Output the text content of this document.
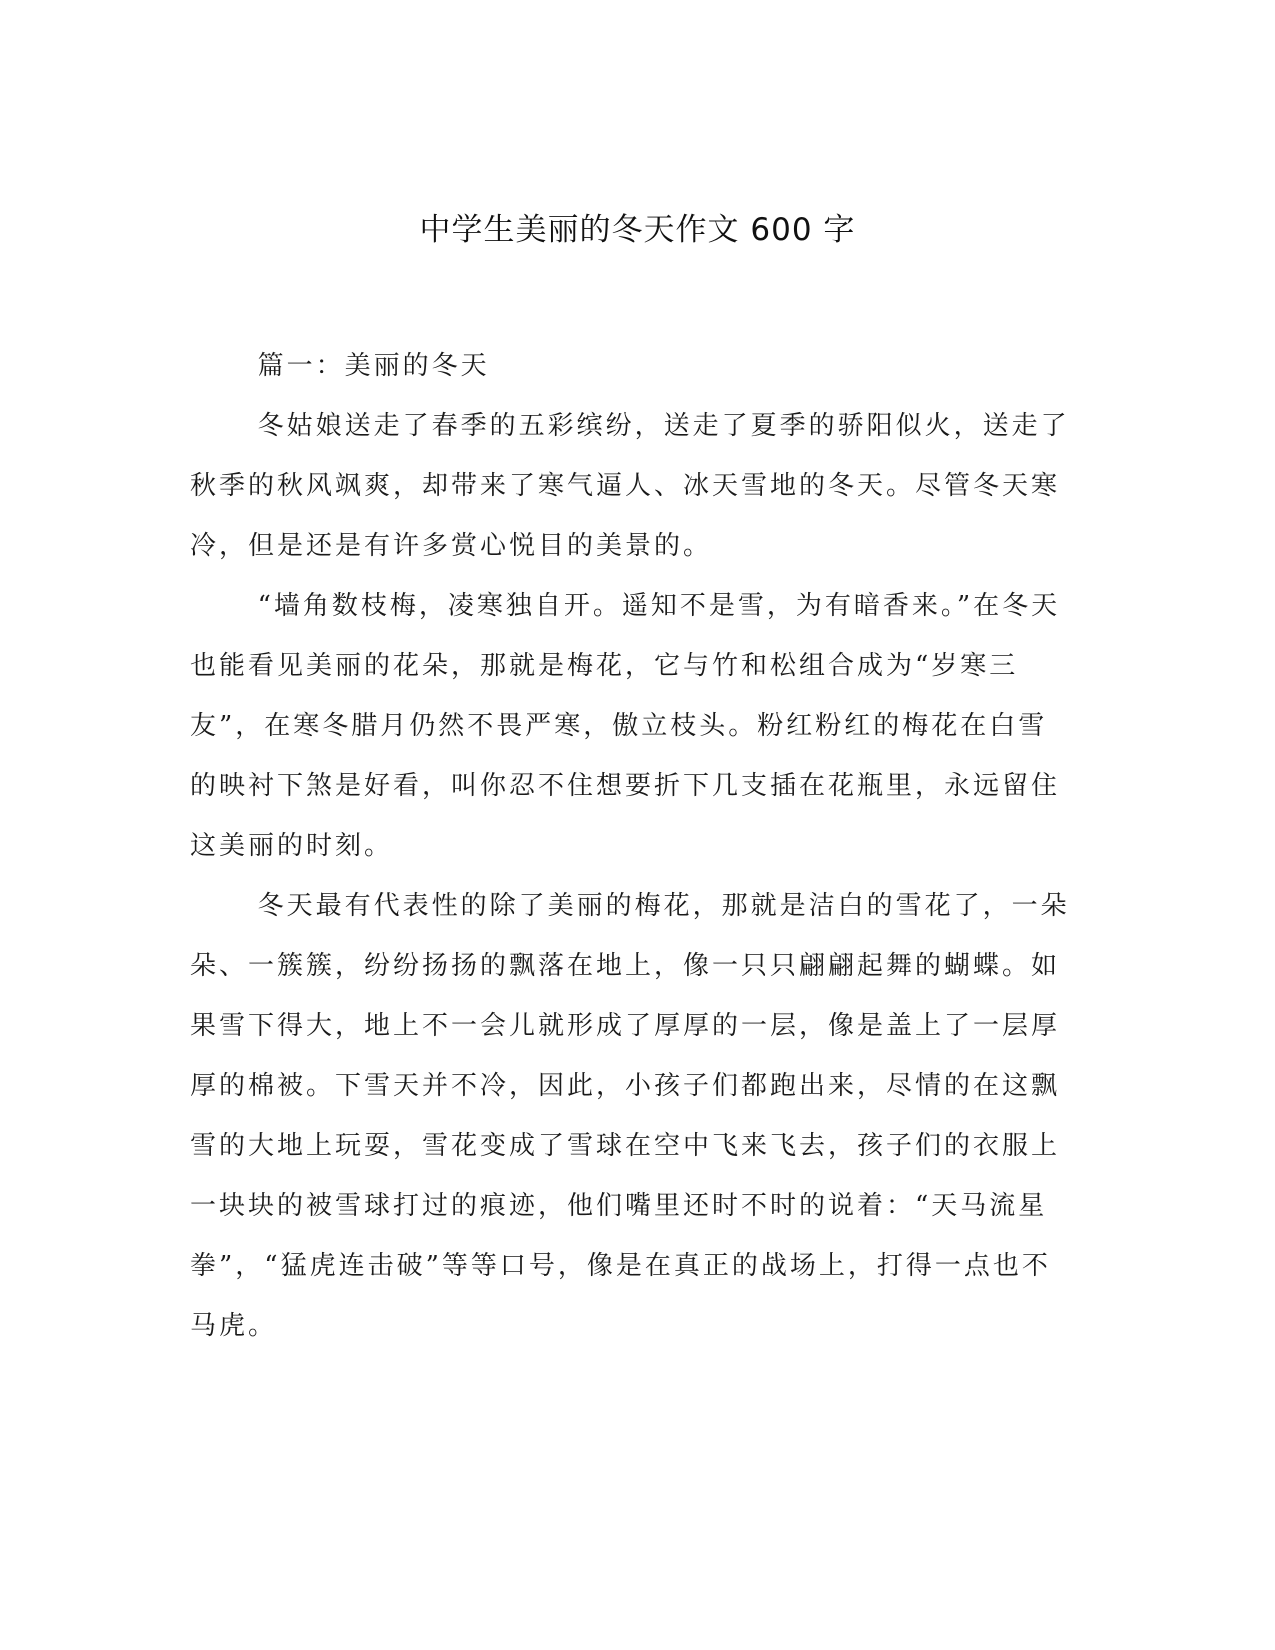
中学生美丽的冬天作文 600 字

篇一：美丽的冬天

冬姑娘送走了春季的五彩缤纷，送走了夏季的骄阳似火，送走了秋季的秋风飒爽，却带来了寒气逼人、冰天雪地的冬天。尽管冬天寒冷，但是还是有许多赏心悦目的美景的。

“墙角数枝梅，凌寒独自开。遥知不是雪，为有暗香来。”在冬天也能看见美丽的花朵，那就是梅花，它与竹和松组合成为“岁寒三友”，在寒冬腊月仍然不畏严寒，傲立枝头。粉红粉红的梅花在白雪的映衬下煞是好看，叫你忍不住想要折下几支插在花瓶里，永远留住这美丽的时刻。

冬天最有代表性的除了美丽的梅花，那就是洁白的雪花了，一朵朵、一簇簇，纷纷扬扬的飘落在地上，像一只只翩翩起舞的蝴蝶。如果雪下得大，地上不一会儿就形成了厚厚的一层，像是盖上了一层厚厚的棉被。下雪天并不冷，因此，小孩子们都跑出来，尽情的在这飘雪的大地上玩耍，雪花变成了雪球在空中飞来飞去，孩子们的衣服上一块块的被雪球打过的痕迹，他们嘴里还时不时的说着：“天马流星拳”，“猛虎连击破”等等口号，像是在真正的战场上，打得一点也不马虎。
